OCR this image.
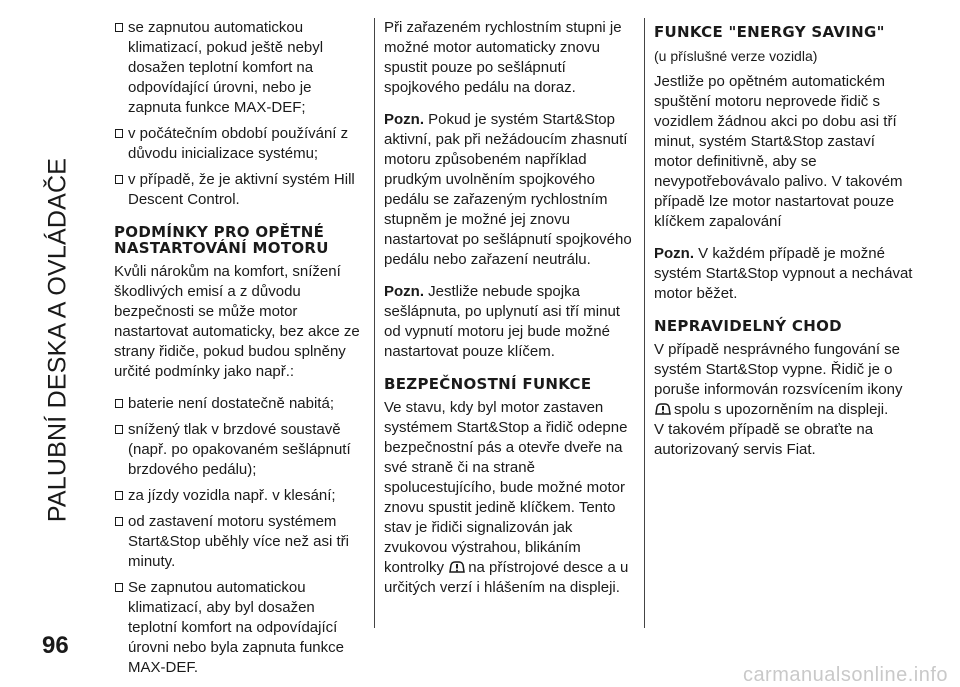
PALUBNÍ DESKA A OVLÁDAČE
96
se zapnutou automatickou klimatizací, pokud ještě nebyl dosažen teplotní komfort na odpovídající úrovni, nebo je zapnuta funkce MAX-DEF;
v počátečním období používání z důvodu inicializace systému;
v případě, že je aktivní systém Hill Descent Control.
PODMÍNKY PRO OPĚTNÉ NASTARTOVÁNÍ MOTORU

Kvůli nárokům na komfort, snížení škodlivých emisí a z důvodu bezpečnosti se může motor nastartovat automaticky, bez akce ze strany řidiče, pokud budou splněny určité podmínky jako např.:

baterie není dostatečně nabitá;
snížený tlak v brzdové soustavě (např. po opakovaném sešlápnutí brzdového pedálu);
za jízdy vozidla např. v klesání;
od zastavení motoru systémem Start&Stop uběhly více než asi tři minuty.
Se zapnutou automatickou klimatizací, aby byl dosažen teplotní komfort na odpovídající úrovni nebo byla zapnuta funkce MAX-DEF.

Při zařazeném rychlostním stupni je možné motor automaticky znovu spustit pouze po sešlápnutí spojkového pedálu na doraz.

Pozn. Pokud je systém Start&Stop aktivní, pak při nežádoucím zhasnutí motoru způsobeném například prudkým uvolněním spojkového pedálu se zařazeným rychlostním stupněm je možné jej znovu nastartovat po sešlápnutí spojkového pedálu nebo zařazení neutrálu.

Pozn. Jestliže nebude spojka sešlápnuta, po uplynutí asi tří minut od vypnutí motoru jej bude možné nastartovat pouze klíčem.

BEZPEČNOSTNÍ FUNKCE

Ve stavu, kdy byl motor zastaven systémem Start&Stop a řidič odepne bezpečnostní pás a otevře dveře na své straně či na straně spolucestujícího, bude možné motor znovu spustit jedině klíčkem. Tento stav je řidiči signalizován jak zvukovou výstrahou, blikáním kontrolky na přístrojové desce a u určitých verzí i hlášením na displeji.

FUNKCE "ENERGY SAVING"

(u příslušné verze vozidla)

Jestliže po opětném automatickém spuštění motoru neprovede řidič s vozidlem žádnou akci po dobu asi tří minut, systém Start&Stop zastaví motor definitivně, aby se nevypotřebovávalo palivo. V takovém případě lze motor nastartovat pouze klíčkem zapalování

Pozn. V každém případě je možné systém Start&Stop vypnout a nechávat motor běžet.

NEPRAVIDELNÝ CHOD

V případě nesprávného fungování se systém Start&Stop vypne. Řidič je o poruše informován rozsvícením ikony spolu s upozorněním na displeji.

V takovém případě se obraťte na autorizovaný servis Fiat.

carmanualsonline.info
